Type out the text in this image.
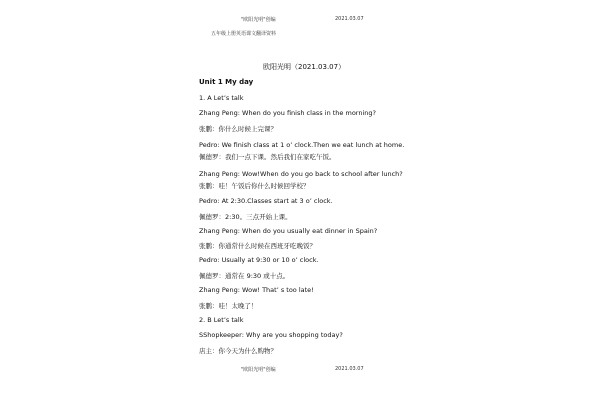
"欧阳光明"创编	2021.03.07
五年级上册英语课文翻译资料
欧阳光明（2021.03.07）
Unit 1 My day
1. A Let’s talk
Zhang Peng: When do you finish class in the morning?
张鹏：你什么时候上完课？
Pedro: We finish class at 1 o’ clock.Then we eat lunch at home.
佩德罗：我们一点下课。然后我们在家吃午饭。
Zhang Peng: Wow!When do you go back to school after lunch?
张鹏：哇！午饭后你什么时候回学校？
Pedro: At 2:30.Classes start at 3 o’ clock.
佩德罗：2:30。三点开始上课。
Zhang Peng: When do you usually eat dinner in Spain?
张鹏：你通常什么时候在西班牙吃晚饭？
Pedro: Usually at 9:30 or 10 o’ clock.
佩德罗：通常在 9:30 或十点。
Zhang Peng: Wow! That’ s too late!
张鹏：哇！太晚了！
2. B Let’s talk
SShopkeeper: Why are you shopping today?
店主：你今天为什么购物？
"欧阳光明"创编	2021.03.07
